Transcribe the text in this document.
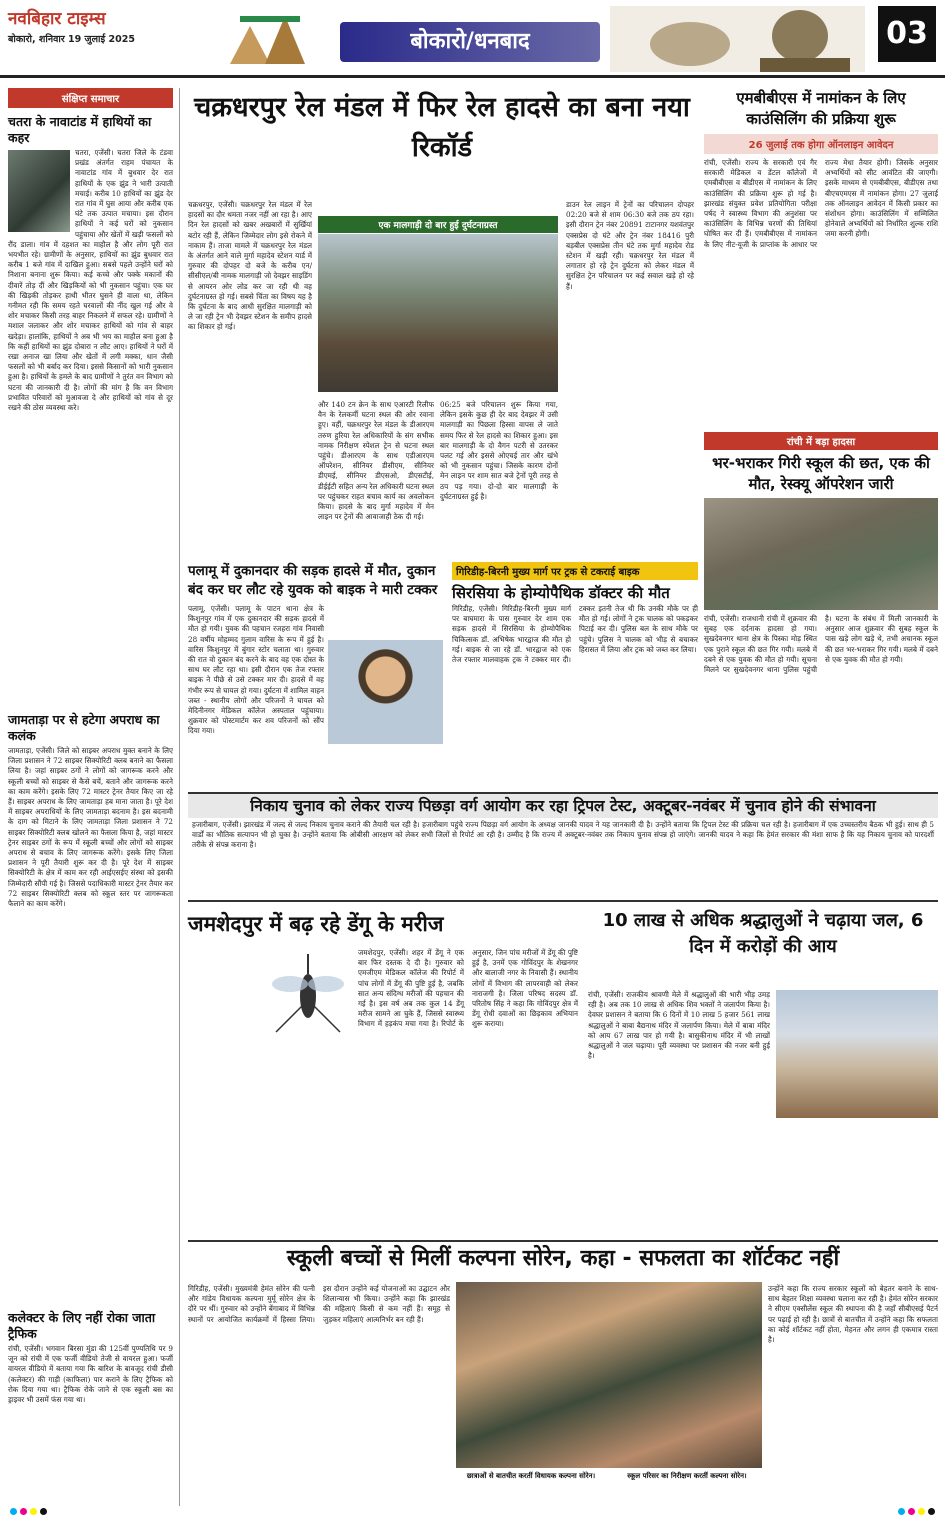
नवबिहार टाइम्स
बोकारो, शनिवार 19 जुलाई 2025	बोकारो/धनबाद	03
संक्षिप्त समाचार
चतरा के नावाटांड में हाथियों का कहर
चतरा, एजेंसी। चतरा जिले के टंडवा प्रखंड अंतर्गत राहम पंचायत के नावाटांड गांव में बुधवार देर रात हाथियों के एक झुंड ने भारी उत्पाती मचाई। करीब 10 हाथियों का झुंड देर रात गांव में घुस आया और करीब एक घंटे तक उत्पात मचाया। इस दौरान हाथियों ने कई घरों को नुकसान पहुंचाया और खेतों में खड़ी फसलों को रौंद डाला। गांव में दहशत का माहौल है और लोग पूरी रात भयभीत रहे। ग्रामीणों के अनुसार, हाथियों का झुंड बुधवार रात करीब 1 बजे गांव में दाखिल हुआ। सबसे पहले उन्होंने घरों को निशाना बनाना शुरू किया। कई कच्चे और पक्के मकानों की दीवारें तोड़ दीं और खिड़कियों को भी नुकसान पहुंचा। एक घर की खिड़की तोड़कर हाथी भीतर घुसने ही वाला था, लेकिन गनीमत रही कि समय रहते घरवालों की नींद खुल गई और वे शोर मचाकर किसी तरह बाहर निकलने में सफल रहे। ग्रामीणों ने मशाल जलाकर और शोर मचाकर हाथियों को गांव से बाहर खदेड़ा। हालांकि, हाथियों ने अब भी भय का माहौल बना हुआ है कि कहीं हाथियों का झुंड दोबारा न लौट आए। हाथियों ने घरों में रखा अनाज खा लिया और खेतों में लगी मक्का, धान जैसी फसलों को भी बर्बाद कर दिया। इससे किसानों को भारी नुकसान हुआ है। हाथियों के हमले के बाद ग्रामीणों ने तुरंत वन विभाग को घटना की जानकारी दी है। लोगों की मांग है कि वन विभाग प्रभावित परिवारों को मुआवजा दे और हाथियों को गांव से दूर रखने की ठोस व्यवस्था करे।
जामताड़ा पर से हटेगा अपराध का कलंक
जामताड़ा, एजेंसी। जिले को साइबर अपराध मुक्त बनाने के लिए जिला प्रशासन ने 72 साइबर सिक्योरिटी क्लब बनाने का फैसला लिया है। जहां साइबर ठगों ने लोगों को जागरूक करने और स्कूली बच्चों को साइबर से कैसे बचें, बताने और जागरूक करने का काम करेंगे। इसके लिए 72 मास्टर ट्रेनर तैयार किए जा रहे हैं। साइबर अपराध के लिए जामताड़ा हब माना जाता है। पूरे देश में साइबर अपराधियों के लिए जामताड़ा बदनाम है। इस बदनामी के दाग को मिटाने के लिए जामताड़ा जिला प्रशासन ने 72 साइबर सिक्योरिटी क्लब खोलने का फैसला किया है, जहां मास्टर ट्रेनर साइबर ठगों के रूप में स्कूली बच्चों और लोगों को साइबर अपराध से बचाव के लिए जागरूक करेंगे। इसके लिए जिला प्रशासन ने पूरी तैयारी शुरू कर दी है। पूरे देश में साइबर सिक्योरिटी के क्षेत्र में काम कर रही आईएसईए संस्था को इसकी जिम्मेदारी सौंपी गई है। जिससे पदाधिकारी मास्टर ट्रेनर तैयार कर 72 साइबर सिक्योरिटी क्लब को स्कूल स्तर पर जागरूकता फैलाने का काम करेंगे।
कलेक्टर के लिए नहीं रोका जाता ट्रैफिक
रांची, एजेंसी। भगवान बिरसा मुंडा की 125वीं पुण्यतिथि पर 9 जून को रांची में एक फर्जी वीडियो तेजी से वायरल हुआ। फर्जी वायरल वीडियो में बताया गया कि बारिश के बावजूद रांची डीसी (कलेक्टर) की गाड़ी (काफिला) पार कराने के लिए ट्रैफिक को रोक दिया गया था। ट्रैफिक रोके जाने से एक स्कूली बस का ड्राइवर भी उसमें फंस गया था।
चक्रधरपुर रेल मंडल में फिर रेल हादसे का बना नया रिकॉर्ड
एक मालगाड़ी दो बार हुई दुर्घटनाग्रस्त
चक्रधरपुर, एजेंसी। चक्रधरपुर रेल मंडल में रेल हादसों का दौर थमता नजर नहीं आ रहा है। आए दिन रेल हादसों को खबर अखबारों में सुर्खियां बटोर रही हैं, लेकिन जिम्मेदार लोग इसे रोकने में नाकाम हैं। ताजा मामले में चक्रधरपुर रेल मंडल के अंतर्गत आने वाले मुर्गा महादेव स्टेशन यार्ड में गुरुवार की दोपहर दो बजे के करीब एन/सीसीएल/बी नामक मालगाड़ी जो देवझर साइडिंग से आयरन ओर लोड कर जा रही थी वह दुर्घटनाग्रस्त हो गई। सबसे चिंता का विषय यह है कि दुर्घटना के बाद आधी सुरक्षित मालगाड़ी को ले जा रही ट्रेन भी देवझर स्टेशन के समीप हादसे का शिकार हो गई।
और 140 टन क्रेन के साथ एआरटी रिलीफ वैन के रेलकर्मी घटना स्थल की ओर रवाना हुए। वहीं, चक्रधरपुर रेल मंडल के डीआरएम तरुण हुरिया रेल अधिकारियों के संग सभीक नामक निरीक्षण स्पेशल ट्रेन से घटना स्थल पहुंचे। डीआरएम के साथ एडीआरएम ऑपरेशन, सीनियर डीसीएम, सीनियर डीएमई, सीनियर डीएसओ, डीएसटीई, डीईईटी सहित अन्य रेल अधिकारी घटना स्थल पर पहुंचकर राहत बचाव कार्य का अवलोकन किया। हादसे के बाद मुर्गा महादेव में मेन लाइन पर ट्रेनों की आवाजाही ठेक दी गई।
06:25 बजे परिचालन शुरू किया गया, लेकिन इसके कुछ ही देर बाद देवझर में उसी मालगाड़ी का पिछला हिस्सा वापस ले जाते समय फिर से रेल हादसे का शिकार हुआ। इस बार मालगाड़ी के दो वैगन पटरी से उतरकर पलट गई और इससे ओएचई तार और खंभे को भी नुकसान पहुंचा। जिसके कारण दोनों मेन लाइन पर शाम सात बजे ट्रेनों पूरी तरह से ठप पड़ गया। दो-दो बार मालगाड़ी के दुर्घटनाग्रस्त हुई है।
डाउन रेल लाइन में ट्रेनों का परिचालन दोपहर 02:20 बजे से शाम 06:30 बजे तक ठप रहा। इसी दौरान ट्रेन नंबर 20891 टाटानगर यशवंतपुर एक्सप्रेस दो घंटे और ट्रेन नंबर 18416 पुरी बड़बील एक्सप्रेस तीन घंटे तक मुर्गा महादेव रोड स्टेशन में खड़ी रही। चक्रधरपुर रेल मंडल में लगातार हो रहे ट्रेन दुर्घटना को लेकर मंडल में सुरक्षित ट्रेन परिचालन पर कई सवाल खड़े हो रहे हैं।
एमबीबीएस में नामांकन के लिए काउंसिलिंग की प्रक्रिया शुरू
26 जुलाई तक होगा ऑनलाइन आवेदन
रांची, एजेंसी। राज्य के सरकारी एवं गैर सरकारी मेडिकल व डेंटल कॉलेजों में एमबीबीएस व बीडीएस में नामांकन के लिए काउंसिलिंग की प्रक्रिया शुरू हो गई है। झारखंड संयुक्त प्रवेश प्रतियोगिता परीक्षा पर्षद ने स्वास्थ्य विभाग की अनुशंसा पर काउंसिलिंग के विभिन्न चरणों की तिथियां घोषित कर दी हैं। एमबीबीएस में नामांकन के लिए नीट-यूजी के प्राप्तांक के आधार पर राज्य मेधा तैयार होगी। जिसके अनुसार अभ्यर्थियों को सीट आवंटित की जाएगी। इसके माध्यम से एमबीबीएस, बीडीएस तथा बीएचएमएस में नामांकन होगा। 27 जुलाई तक ऑनलाइन आवेदन में किसी प्रकार का संशोधन होगा। काउंसिलिंग में सम्मिलित होनेवाले अभ्यर्थियों को निर्धारित शुल्क राशि जमा करनी होगी।
रांची में बड़ा हादसा
भर-भराकर गिरी स्कूल की छत, एक की मौत, रेस्क्यू ऑपरेशन जारी
रांची, एजेंसी। राजधानी रांची में शुक्रवार की सुबह एक दर्दनाक हादसा हो गया। सुखदेवनगर थाना क्षेत्र के पिस्का मोड़ स्थित एक पुराने स्कूल की छत गिर गयी। मलबे में दबने से एक युवक की मौत हो गयी। सूचना मिलने पर सुखदेवनगर थाना पुलिस पहुंची है। घटना के संबंध में मिली जानकारी के अनुसार आज शुक्रवार की सुबह स्कूल के पास खड़े लोग खड़े थे, तभी अचानक स्कूल की छत भर-भराकर गिर गयी। मलबे में दबने से एक युवक की मौत हो गयी।
पलामू में दुकानदार की सड़क हादसे में मौत, दुकान बंद कर घर लौट रहे युवक को बाइक ने मारी टक्कर
पलामू, एजेंसी। पलामू के पाटन थाना क्षेत्र के किशुनपुर गांव में एक दुकानदार की सड़क हादसे में मौत हो गयी। युवक की पहचान रजहरा गांव निवासी 28 वर्षीय मोहम्मद गुलाम वारिस के रूप में हुई है। वारिस किशुनपुर में बुंगार स्टोर चलाता था। गुरुवार की रात वो दुकान बंद करने के बाद वह एक दोस्त के साथ घर लौट रहा था। इसी दौरान एक तेज रफ्तार बाइक ने पीछे से उसे टक्कर मार दी। हादसे में वह गंभीर रूप से घायल हो गया। दुर्घटना में शामिल वाहन जब्त - स्थानीय लोगों और परिजनों ने घायल को मेदिनीनगर मेडिकल कॉलेज अस्पताल पहुंचाया। शुक्रवार को पोस्टमार्टम कर शव परिजनों को सौंप दिया गया।
गिरिडीह-बिरनी मुख्य मार्ग पर ट्रक से टकराई बाइक
सिरसिया के होम्योपैथिक डॉक्टर की मौत
गिरिडीह, एजेंसी। गिरिडीह-बिरनी मुख्य मार्ग पर बाघमारा के पास गुरुवार देर शाम एक सड़क हादसे में सिरसिया के होम्योपैथिक चिकित्सक डॉ. अभिषेक भारद्वाज की मौत हो गई। बाइक से जा रहे डॉ. भारद्वाज को एक तेज रफ्तार मालवाहक ट्रक ने टक्कर मार दी। टक्कर इतनी तेज थी कि उनकी मौके पर ही मौत हो गई। लोगों ने ट्रक चालक को पकड़कर पिटाई कर दी। पुलिस बल के साथ मौके पर पहुंचे। पुलिस ने चालक को भीड़ से बचाकर हिरासत में लिया और ट्रक को जब्त कर लिया।
निकाय चुनाव को लेकर राज्य पिछड़ा वर्ग आयोग कर रहा ट्रिपल टेस्ट, अक्टूबर-नवंबर में चुनाव होने की संभावना
हजारीबाग, एजेंसी। झारखंड में जल्द से जल्द निकाय चुनाव कराने की तैयारी चल रही है। हजारीबाग पहुंचे राज्य पिछड़ा वर्ग आयोग के अध्यक्ष जानकी यादव ने यह जानकारी दी है। उन्होंने बताया कि ट्रिपल टेस्ट की प्रक्रिया चल रही है। हजारीबाग में एक उच्चस्तरीय बैठक भी हुई। साथ ही 5 वार्डों का भौतिक सत्यापन भी हो चुका है। उन्होंने बताया कि ओबीसी आरक्षण को लेकर सभी जिलों से रिपोर्ट आ रही है। उम्मीद है कि राज्य में अक्टूबर-नवंबर तक निकाय चुनाव संपन्न हो जाएंगे। जानकी यादव ने कहा कि हेमंत सरकार की मंशा साफ है कि यह निकाय चुनाव को पारदर्शी तरीके से संपन्न कराना है।
जमशेदपुर में बढ़ रहे डेंगू के मरीज
जमशेदपुर, एजेंसी। शहर में डेंगू ने एक बार फिर दस्तक दे दी है। गुरुवार को एमजीएम मेडिकल कॉलेज की रिपोर्ट में पांच लोगों में डेंगू की पुष्टि हुई है, जबकि सात अन्य संदिग्ध मरीजों की पहचान की गई है। इस वर्ष अब तक कुल 14 डेंगू मरीज सामने आ चुके हैं, जिससे स्वास्थ्य विभाग में हड़कंप मचा गया है। रिपोर्ट के अनुसार, जिन पांच मरीजों में डेंगू की पुष्टि हुई है, उनमें एक गोविंदपुर के शेखनगर और बालाजी नगर के निवासी हैं। स्थानीय लोगों में विभाग की लापरवाही को लेकर नाराजगी है। जिला परिषद सदस्य डॉ. परितोष सिंह ने कहा कि गोविंदपुर क्षेत्र में डेंगू रोधी दवाओं का छिड़काव अभियान शुरू कराया।
10 लाख से अधिक श्रद्धालुओं ने चढ़ाया जल, 6 दिन में करोड़ों की आय
रांची, एजेंसी। राजकीय श्रावणी मेले में श्रद्धालुओं की भारी भीड़ उमड़ रही है। अब तक 10 लाख से अधिक शिव भक्तों ने जलार्पण किया है। देवघर प्रशासन ने बताया कि 6 दिनों में 10 लाख 5 हजार 561 लाख श्रद्धालुओं ने बाबा बैद्यनाथ मंदिर में जलार्पण किया। मेले में बाबा मंदिर को आय 67 लाख पार हो गयी है। बासुकीनाथ मंदिर में भी लाखों श्रद्धालुओं ने जल चढ़ाया। पूरी व्यवस्था पर प्रशासन की नजर बनी हुई है।
स्कूली बच्चों से मिलीं कल्पना सोरेन, कहा - सफलता का शॉर्टकट नहीं
गिरिडीह, एजेंसी। मुख्यमंत्री हेमंत सोरेन की पत्नी और गांडेय विधायक कल्पना मुर्मू सोरेन क्षेत्र के दौरे पर थीं। गुरुवार को उन्होंने बेंगाबाद में विभिन्न स्थानों पर आयोजित कार्यक्रमों में हिस्सा लिया। इस दौरान उन्होंने कई योजनाओं का उद्घाटन और शिलान्यास भी किया। उन्होंने कहा कि झारखंड की महिलाएं किसी से कम नहीं हैं। समूह से जुड़कर महिलाएं आत्मनिर्भर बन रही हैं।
छात्राओं से बातचीत करतीं विधायक कल्पना सोरेन।	स्कूल परिसर का निरीक्षण करतीं कल्पना सोरेन।
उन्होंने कहा कि राज्य सरकार स्कूलों को बेहतर बनाने के साथ-साथ बेहतर शिक्षा व्यवस्था चलाना कर रही है। हेमंत सोरेन सरकार ने सीएम एक्सीलेंस स्कूल की स्थापना की है जहाँ सीबीएसई पैटर्न पर पढ़ाई हो रही है। छात्रों से बातचीत में उन्होंने कहा कि सफलता का कोई शॉर्टकट नहीं होता, मेहनत और लगन ही एकमात्र रास्ता है।
